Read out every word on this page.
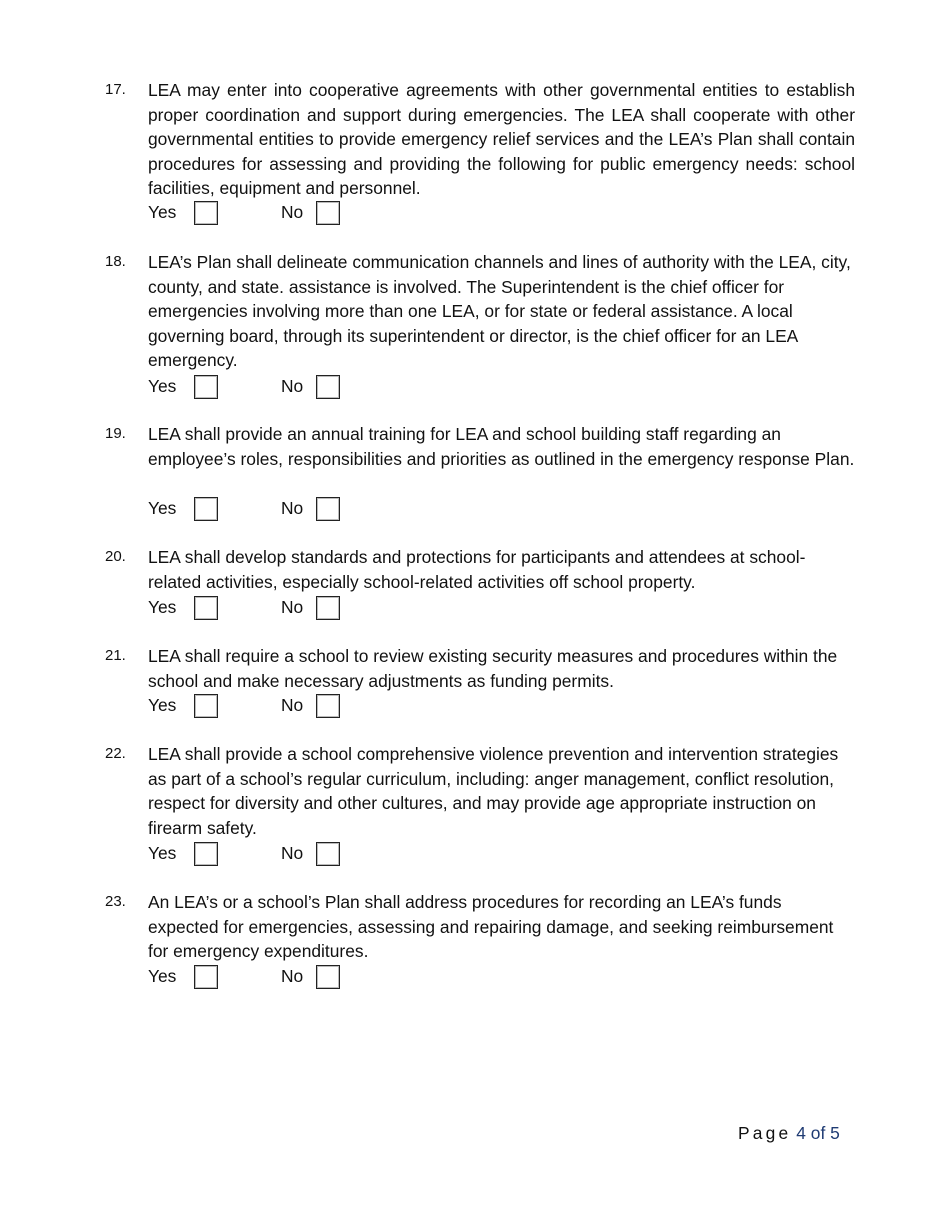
17. LEA may enter into cooperative agreements with other governmental entities to establish proper coordination and support during emergencies. The LEA shall cooperate with other governmental entities to provide emergency relief services and the LEA’s Plan shall contain procedures for assessing and providing the following for public emergency needs: school facilities, equipment and personnel.
Yes	No
18. LEA’s Plan shall delineate communication channels and lines of authority with the LEA, city, county, and state. assistance is involved. The Superintendent is the chief officer for emergencies involving more than one LEA, or for state or federal assistance. A local governing board, through its superintendent or director, is the chief officer for an LEA emergency.
Yes	No
19. LEA shall provide an annual training for LEA and school building staff regarding an employee’s roles, responsibilities and priorities as outlined in the emergency response Plan.
Yes	No
20. LEA shall develop standards and protections for participants and attendees at school-related activities, especially school-related activities off school property.
Yes	No
21. LEA shall require a school to review existing security measures and procedures within the school and make necessary adjustments as funding permits.
Yes	No
22. LEA shall provide a school comprehensive violence prevention and intervention strategies as part of a school’s regular curriculum, including: anger management, conflict resolution, respect for diversity and other cultures, and may provide age appropriate instruction on firearm safety.
Yes	No
23. An LEA’s or a school’s Plan shall address procedures for recording an LEA’s funds expected for emergencies, assessing and repairing damage, and seeking reimbursement for emergency expenditures.
Yes	No
Page 4 of 5
